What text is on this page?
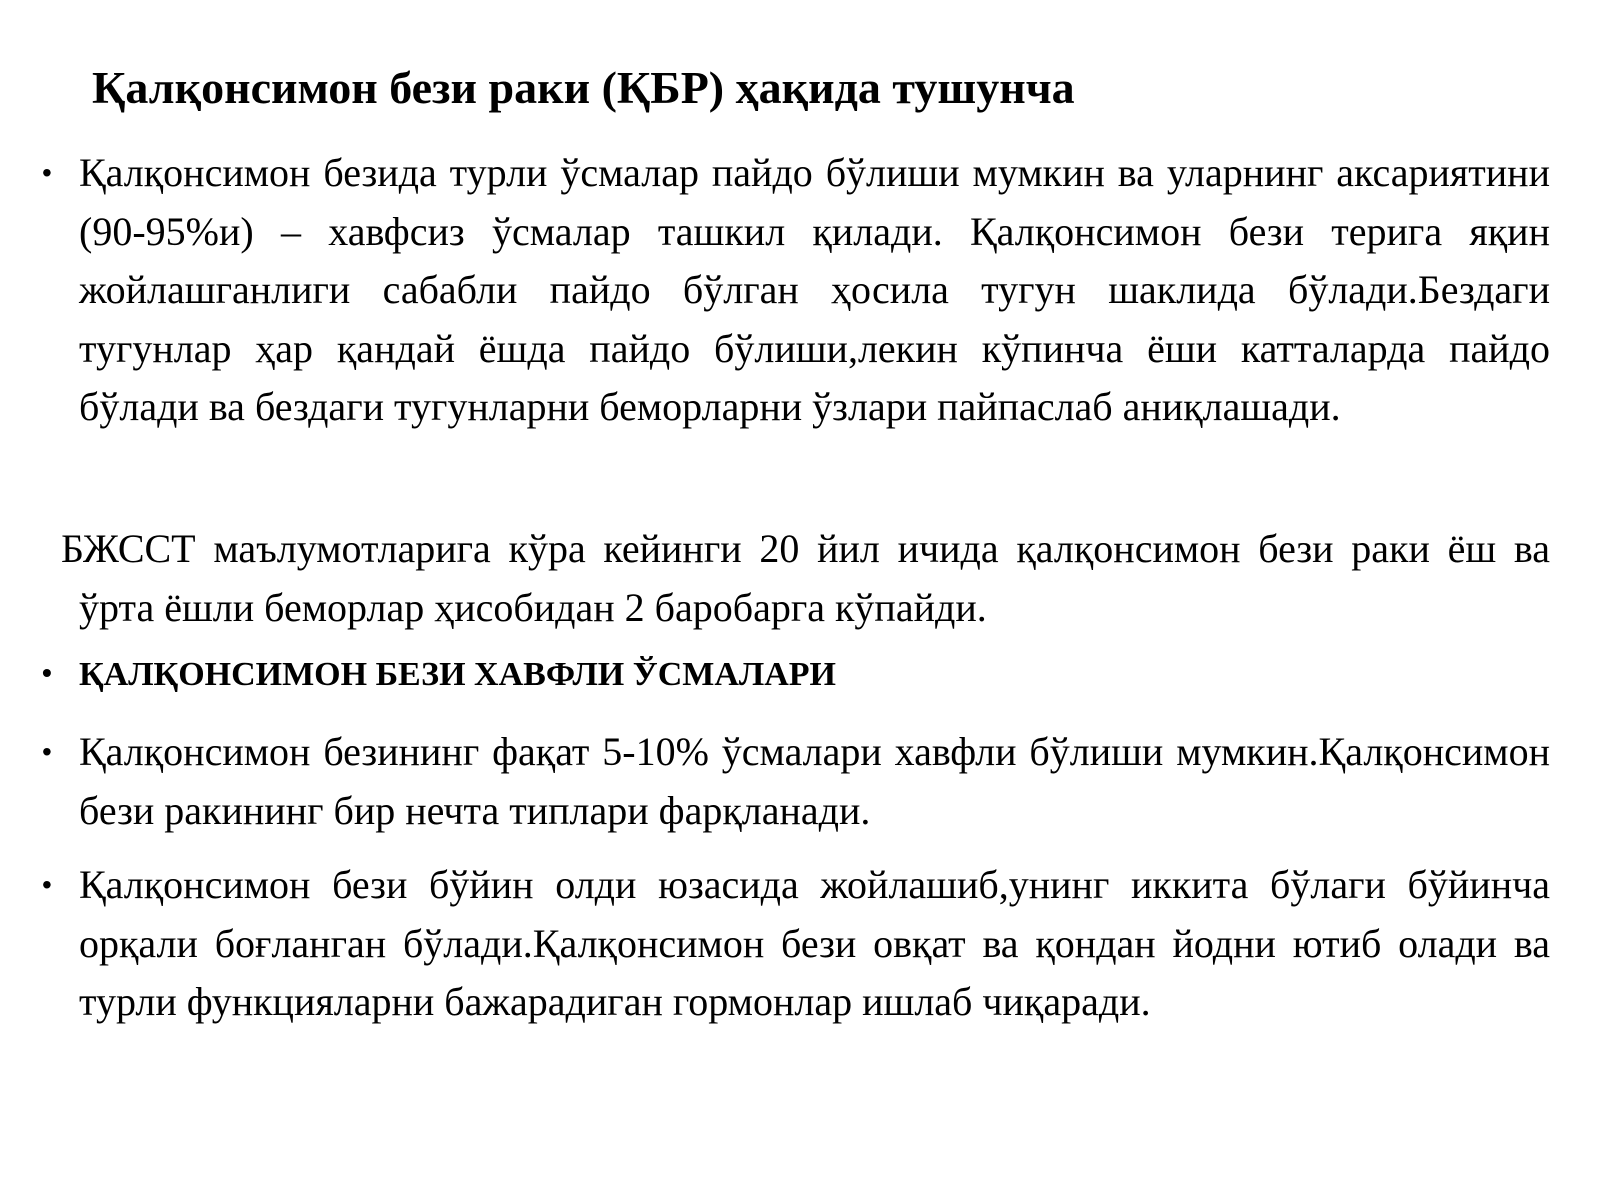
Қалқонсимон бези раки (ҚБР) ҳақида тушунча
• Қалқонсимон безида турли ўсмалар пайдо бўлиши мумкин ва уларнинг аксариятини (90-95%и) – хавфсиз ўсмалар ташкил қилади. Қалқонсимон бези терига яқин жойлашганлиги сабабли пайдо бўлган ҳосила тугун шаклида бўлади.Бездаги тугунлар ҳар қандай ёшда пайдо бўлиши,лекин кўпинча ёши катталарда пайдо бўлади ва бездаги тугунларни беморларни ўзлари пайпаслаб аниқлашади.
БЖССТ маълумотларига кўра кейинги 20 йил ичида қалқонсимон бези раки ёш ва ўрта ёшли беморлар ҳисобидан 2 баробарга кўпайди.
• ҚАЛҚОНСИМОН БЕЗИ ХАВФЛИ ЎСМАЛАРИ
• Қалқонсимон безининг фақат 5-10% ўсмалари хавфли бўлиши мумкин.Қалқонсимон бези ракининг бир нечта типлари фарқланади.
• Қалқонсимон бези бўйин олди юзасида жойлашиб,унинг иккита бўлаги бўйинча орқали боғланган бўлади.Қалқонсимон бези овқат ва қондан йодни ютиб олади ва турли функцияларни бажарадиган гормонлар ишлаб чиқаради.
